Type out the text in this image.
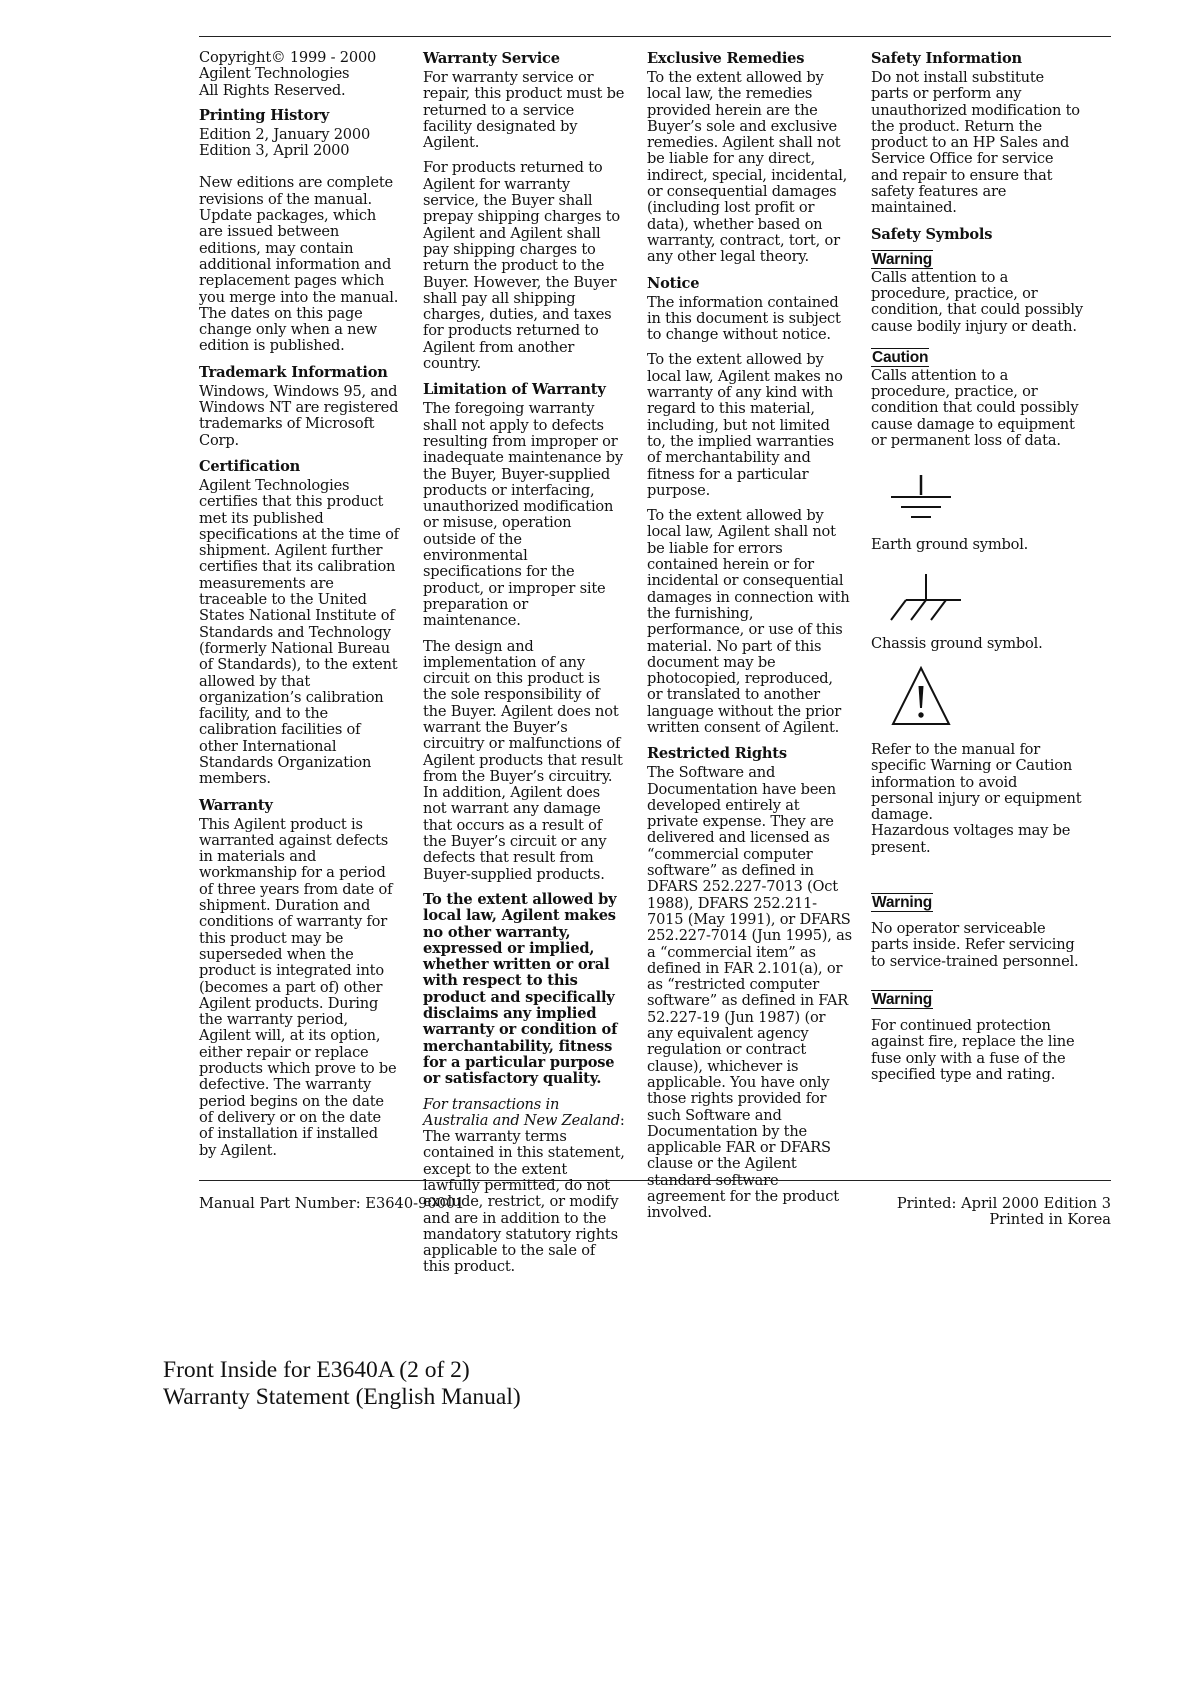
Copyright© 1999 - 2000
Agilent Technologies
All Rights Reserved.

Printing History

Edition 2, January 2000
Edition 3, April 2000

New editions are complete revisions of the manual. Update packages, which are issued between editions, may contain additional information and replacement pages which you merge into the manual. The dates on this page change only when a new edition is published.

Trademark Information

Windows, Windows 95, and Windows NT are registered trademarks of Microsoft Corp.

Certification

Agilent Technologies certifies that this product met its published specifications at the time of shipment. Agilent further certifies that its calibration measurements are traceable to the United States National Institute of Standards and Technology (formerly National Bureau of Standards), to the extent allowed by that organization’s calibration facility, and to the calibration facilities of other International Standards Organization members.

Warranty

This Agilent product is warranted against defects in materials and workmanship for a period of three years from date of shipment. Duration and conditions of warranty for this product may be superseded when the product is integrated into (becomes a part of) other Agilent products. During the warranty period, Agilent will, at its option, either repair or replace products which prove to be defective. The warranty period begins on the date of delivery or on the date of installation if installed by Agilent.

Warranty Service

For warranty service or repair, this product must be returned to a service facility designated by Agilent.

For products returned to Agilent for warranty service, the Buyer shall prepay shipping charges to Agilent and Agilent shall pay shipping charges to return the product to the Buyer. However, the Buyer shall pay all shipping charges, duties, and taxes for products returned to Agilent from another country.

Limitation of Warranty

The foregoing warranty shall not apply to defects resulting from improper or inadequate maintenance by the Buyer, Buyer-supplied products or interfacing, unauthorized modification or misuse, operation outside of the environmental specifications for the product, or improper site preparation or maintenance.

The design and implementation of any circuit on this product is the sole responsibility of the Buyer. Agilent does not warrant the Buyer’s circuitry or malfunctions of Agilent products that result from the Buyer’s circuitry. In addition, Agilent does not warrant any damage that occurs as a result of the Buyer’s circuit or any defects that result from Buyer-supplied products.

To the extent allowed by local law, Agilent makes no other warranty, expressed or implied, whether written or oral with respect to this product and specifically disclaims any implied warranty or condition of merchantability, fitness for a particular purpose or satisfactory quality.

For transactions in Australia and New Zealand: The warranty terms contained in this statement, except to the extent lawfully permitted, do not exclude, restrict, or modify and are in addition to the mandatory statutory rights applicable to the sale of this product.

Exclusive Remedies

To the extent allowed by local law, the remedies provided herein are the Buyer’s sole and exclusive remedies. Agilent shall not be liable for any direct, indirect, special, incidental, or consequential damages (including lost profit or data), whether based on warranty, contract, tort, or any other legal theory.

Notice

The information contained in this document is subject to change without notice.

To the extent allowed by local law, Agilent makes no warranty of any kind with regard to this material, including, but not limited to, the implied warranties of merchantability and fitness for a particular purpose.

To the extent allowed by local law, Agilent shall not be liable for errors contained herein or for incidental or consequential damages in connection with the furnishing, performance, or use of this material. No part of this document may be photocopied, reproduced, or translated to another language without the prior written consent of Agilent.

Restricted Rights

The Software and Documentation have been developed entirely at private expense. They are delivered and licensed as “commercial computer software” as defined in DFARS 252.227-7013 (Oct 1988), DFARS 252.211-7015 (May 1991), or DFARS 252.227-7014 (Jun 1995), as a “commercial item” as defined in FAR 2.101(a), or as “restricted computer software” as defined in FAR 52.227-19 (Jun 1987) (or any equivalent agency regulation or contract clause), whichever is applicable. You have only those rights provided for such Software and Documentation by the applicable FAR or DFARS clause or the Agilent standard software agreement for the product involved.

Safety Information

Do not install substitute parts or perform any unauthorized modification to the product. Return the product to an HP Sales and Service Office for service and repair to ensure that safety features are maintained.

Safety Symbols
Warning

Calls attention to a procedure, practice, or condition, that could possibly cause bodily injury or death.

Caution

Calls attention to a procedure, practice, or condition that could possibly cause damage to equipment or permanent loss of data.

Earth ground symbol.

Chassis ground symbol.

Refer to the manual for specific Warning or Caution information to avoid personal injury or equipment damage.
Hazardous voltages may be present.

Warning

No operator serviceable parts inside. Refer servicing to service-trained personnel.

Warning

For continued protection against fire, replace the line fuse only with a fuse of the specified type and rating.

Manual Part Number: E3640-90001	Printed: April 2000 Edition 3
Printed in Korea
Front Inside for E3640A (2 of 2)
Warranty Statement (English Manual)
